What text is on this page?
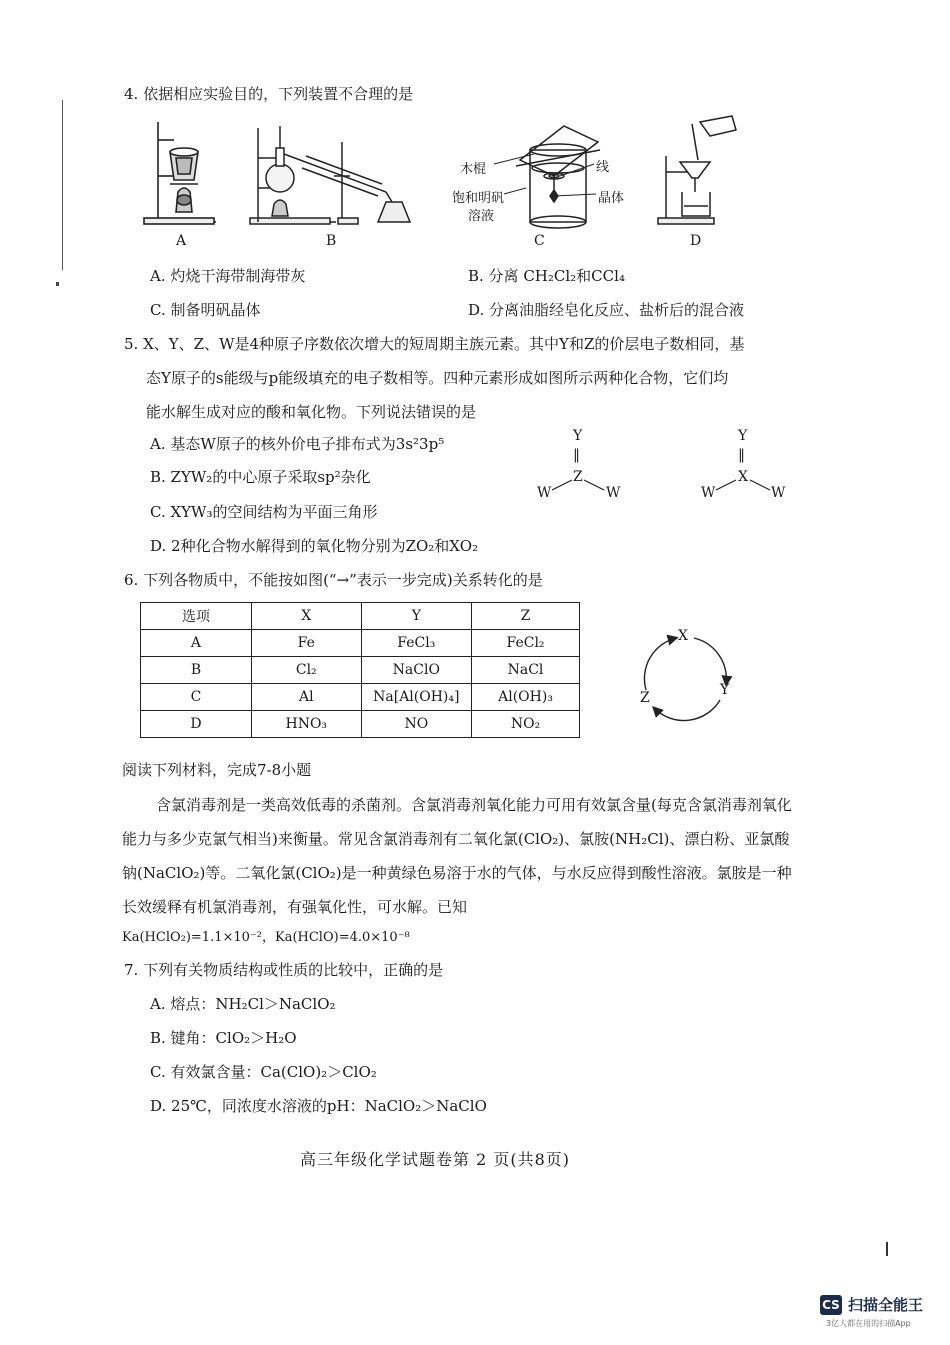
4. 依据相应实验目的，下列装置不合理的是
A	B
木棍	线
饱和明矾
溶液
晶体
C	D
A. 灼烧干海带制海带灰	B. 分离 CH₂Cl₂和CCl₄
C. 制备明矾晶体	D. 分离油脂经皂化反应、盐析后的混合液
5. X、Y、Z、W是4种原子序数依次增大的短周期主族元素。其中Y和Z的价层电子数相同，基
态Y原子的s能级与p能级填充的电子数相等。四种元素形成如图所示两种化合物，它们均
能水解生成对应的酸和氧化物。下列说法错误的是
A. 基态W原子的核外价电子排布式为3s²3p⁵
B. ZYW₂的中心原子采取sp²杂化
C. XYW₃的空间结构为平面三角形
D. 2种化合物水解得到的氧化物分别为ZO₂和XO₂
Y
‖
Z
W	W
Y
‖
X
W	W
6. 下列各物质中，不能按如图(“→”表示一步完成)关系转化的是
选项	X	Y	Z
A	Fe	FeCl₃	FeCl₂
B	Cl₂	NaClO	NaCl
C	Al	Na[Al(OH)₄]	Al(OH)₃
D	HNO₃	NO	NO₂
X
Y
Z
阅读下列材料，完成7-8小题
含氯消毒剂是一类高效低毒的杀菌剂。含氯消毒剂氧化能力可用有效氯含量(每克含氯消毒剂氧化能力与多少克氯气相当)来衡量。常见含氯消毒剂有二氧化氯(ClO₂)、氯胺(NH₂Cl)、漂白粉、亚氯酸钠(NaClO₂)等。二氧化氯(ClO₂)是一种黄绿色易溶于水的气体，与水反应得到酸性溶液。氯胺是一种长效缓释有机氯消毒剂，有强氧化性，可水解。已知
Ka(HClO₂)=1.1×10⁻²，Ka(HClO)=4.0×10⁻⁸
7. 下列有关物质结构或性质的比较中，正确的是
A. 熔点：NH₂Cl＞NaClO₂
B. 键角：ClO₂＞H₂O
C. 有效氯含量：Ca(ClO)₂＞ClO₂
D. 25℃，同浓度水溶液的pH：NaClO₂＞NaClO
高三年级化学试题卷第 2 页(共8页)
CS 扫描全能王
3亿人都在用的扫描App
